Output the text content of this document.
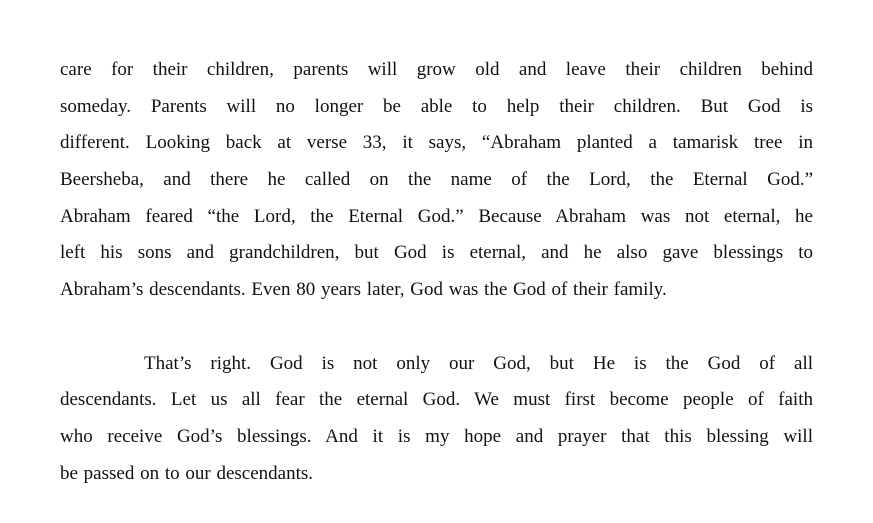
care for their children, parents will grow old and leave their children behind
someday. Parents will no longer be able to help their children. But God is
different. Looking back at verse 33, it says, “Abraham planted a tamarisk tree in
Beersheba, and there he called on the name of the Lord, the Eternal God.”
Abraham feared “the Lord, the Eternal God.” Because Abraham was not eternal, he
left his sons and grandchildren, but God is eternal, and he also gave blessings to
Abraham’s descendants. Even 80 years later, God was the God of their family.
That’s right. God is not only our God, but He is the God of all
descendants. Let us all fear the eternal God. We must first become people of faith
who receive God’s blessings. And it is my hope and prayer that this blessing will
be passed on to our descendants.
